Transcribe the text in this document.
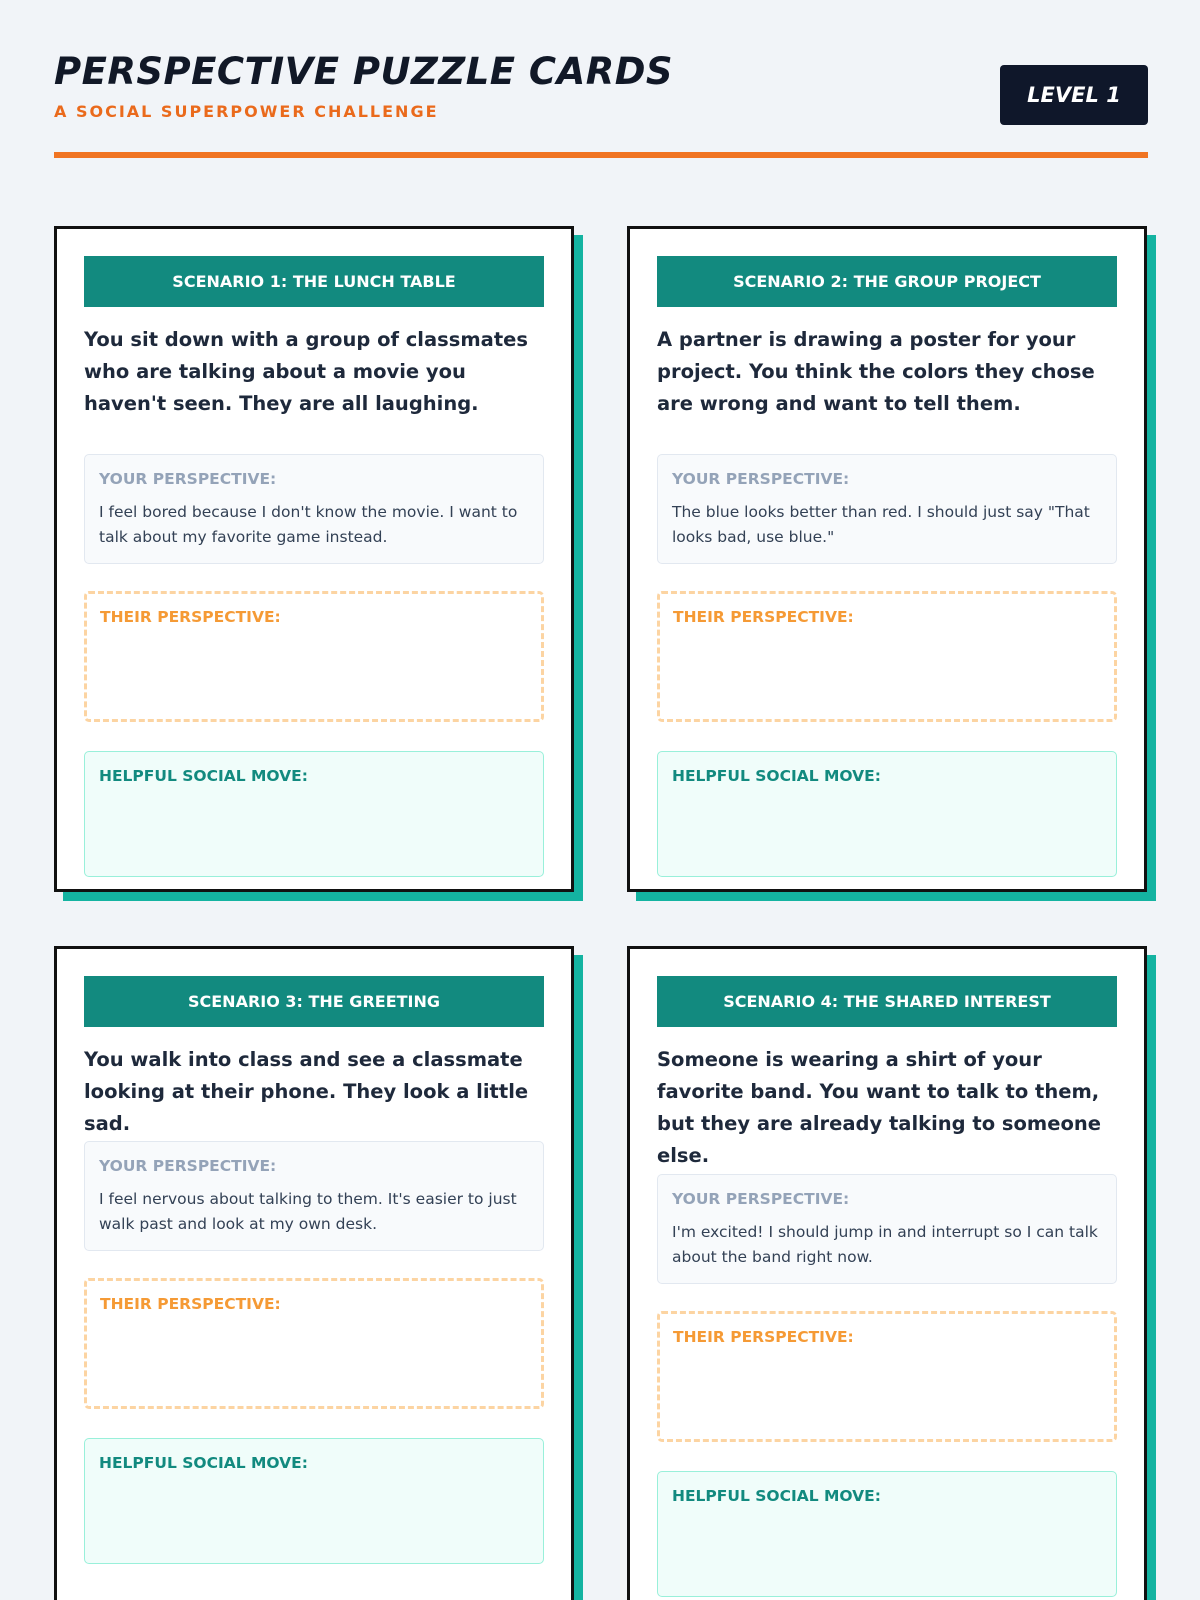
PERSPECTIVE PUZZLE CARDS
A SOCIAL SUPERPOWER CHALLENGE
LEVEL 1
SCENARIO 1: THE LUNCH TABLE

You sit down with a group of classmates who are talking about a movie you haven't seen. They are all laughing.

YOUR PERSPECTIVE:

I feel bored because I don't know the movie. I want to talk about my favorite game instead.

THEIR PERSPECTIVE:
HELPFUL SOCIAL MOVE:
SCENARIO 2: THE GROUP PROJECT

A partner is drawing a poster for your project. You think the colors they chose are wrong and want to tell them.

YOUR PERSPECTIVE:

The blue looks better than red. I should just say "That looks bad, use blue."

THEIR PERSPECTIVE:
HELPFUL SOCIAL MOVE:
SCENARIO 3: THE GREETING

You walk into class and see a classmate looking at their phone. They look a little sad.

YOUR PERSPECTIVE:

I feel nervous about talking to them. It's easier to just walk past and look at my own desk.

THEIR PERSPECTIVE:
HELPFUL SOCIAL MOVE:
SCENARIO 4: THE SHARED INTEREST

Someone is wearing a shirt of your favorite band. You want to talk to them, but they are already talking to someone else.

YOUR PERSPECTIVE:

I'm excited! I should jump in and interrupt so I can talk about the band right now.

THEIR PERSPECTIVE:
HELPFUL SOCIAL MOVE:
